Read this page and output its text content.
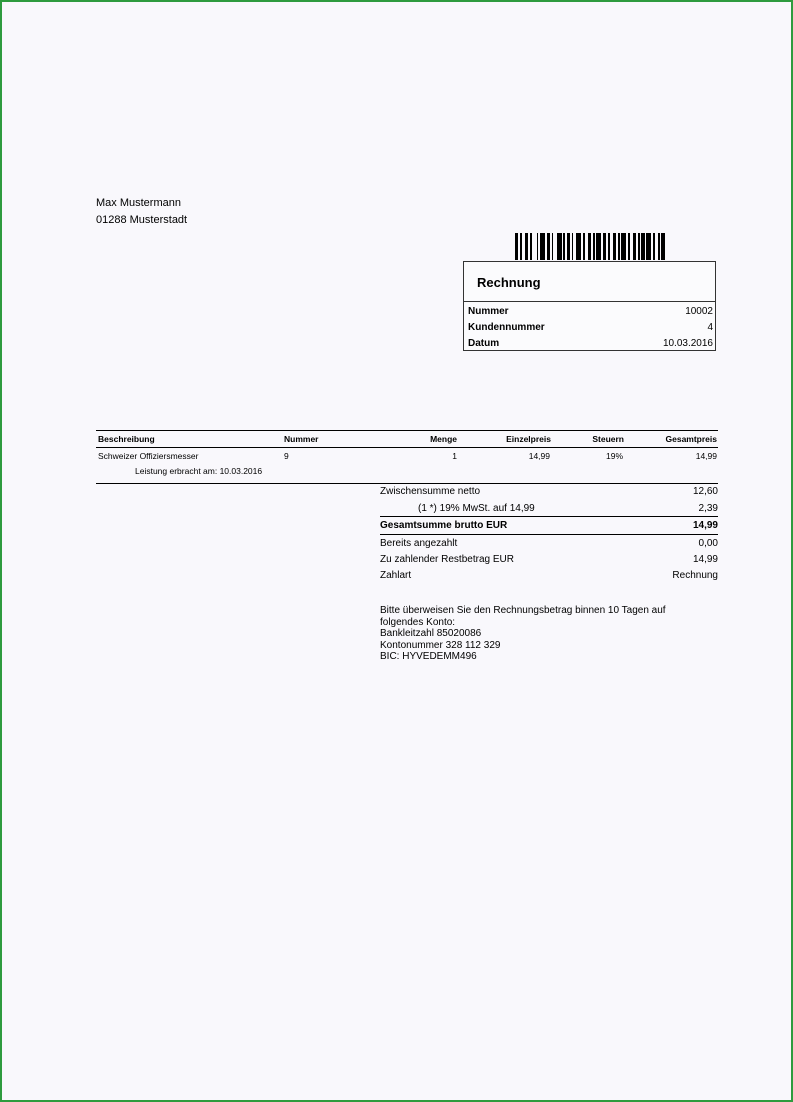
Max Mustermann
01288 Musterstadt
Rechnung
Nummer	10002
Kundennummer	4
Datum	10.03.2016
Beschreibung	Nummer	Menge	Einzelpreis	Steuern	Gesamtpreis
Schweizer Offiziersmesser	9	1	14,99	19%	14,99
Leistung erbracht am: 10.03.2016
Zwischensumme netto	12,60
(1 *) 19% MwSt. auf 14,99	2,39
Gesamtsumme brutto EUR	14,99
Bereits angezahlt	0,00
Zu zahlender Restbetrag EUR	14,99
Zahlart	Rechnung
Bitte überweisen Sie den Rechnungsbetrag binnen 10 Tagen auf
folgendes Konto:
Bankleitzahl 85020086
Kontonummer 328 112 329
BIC: HYVEDEMM496
